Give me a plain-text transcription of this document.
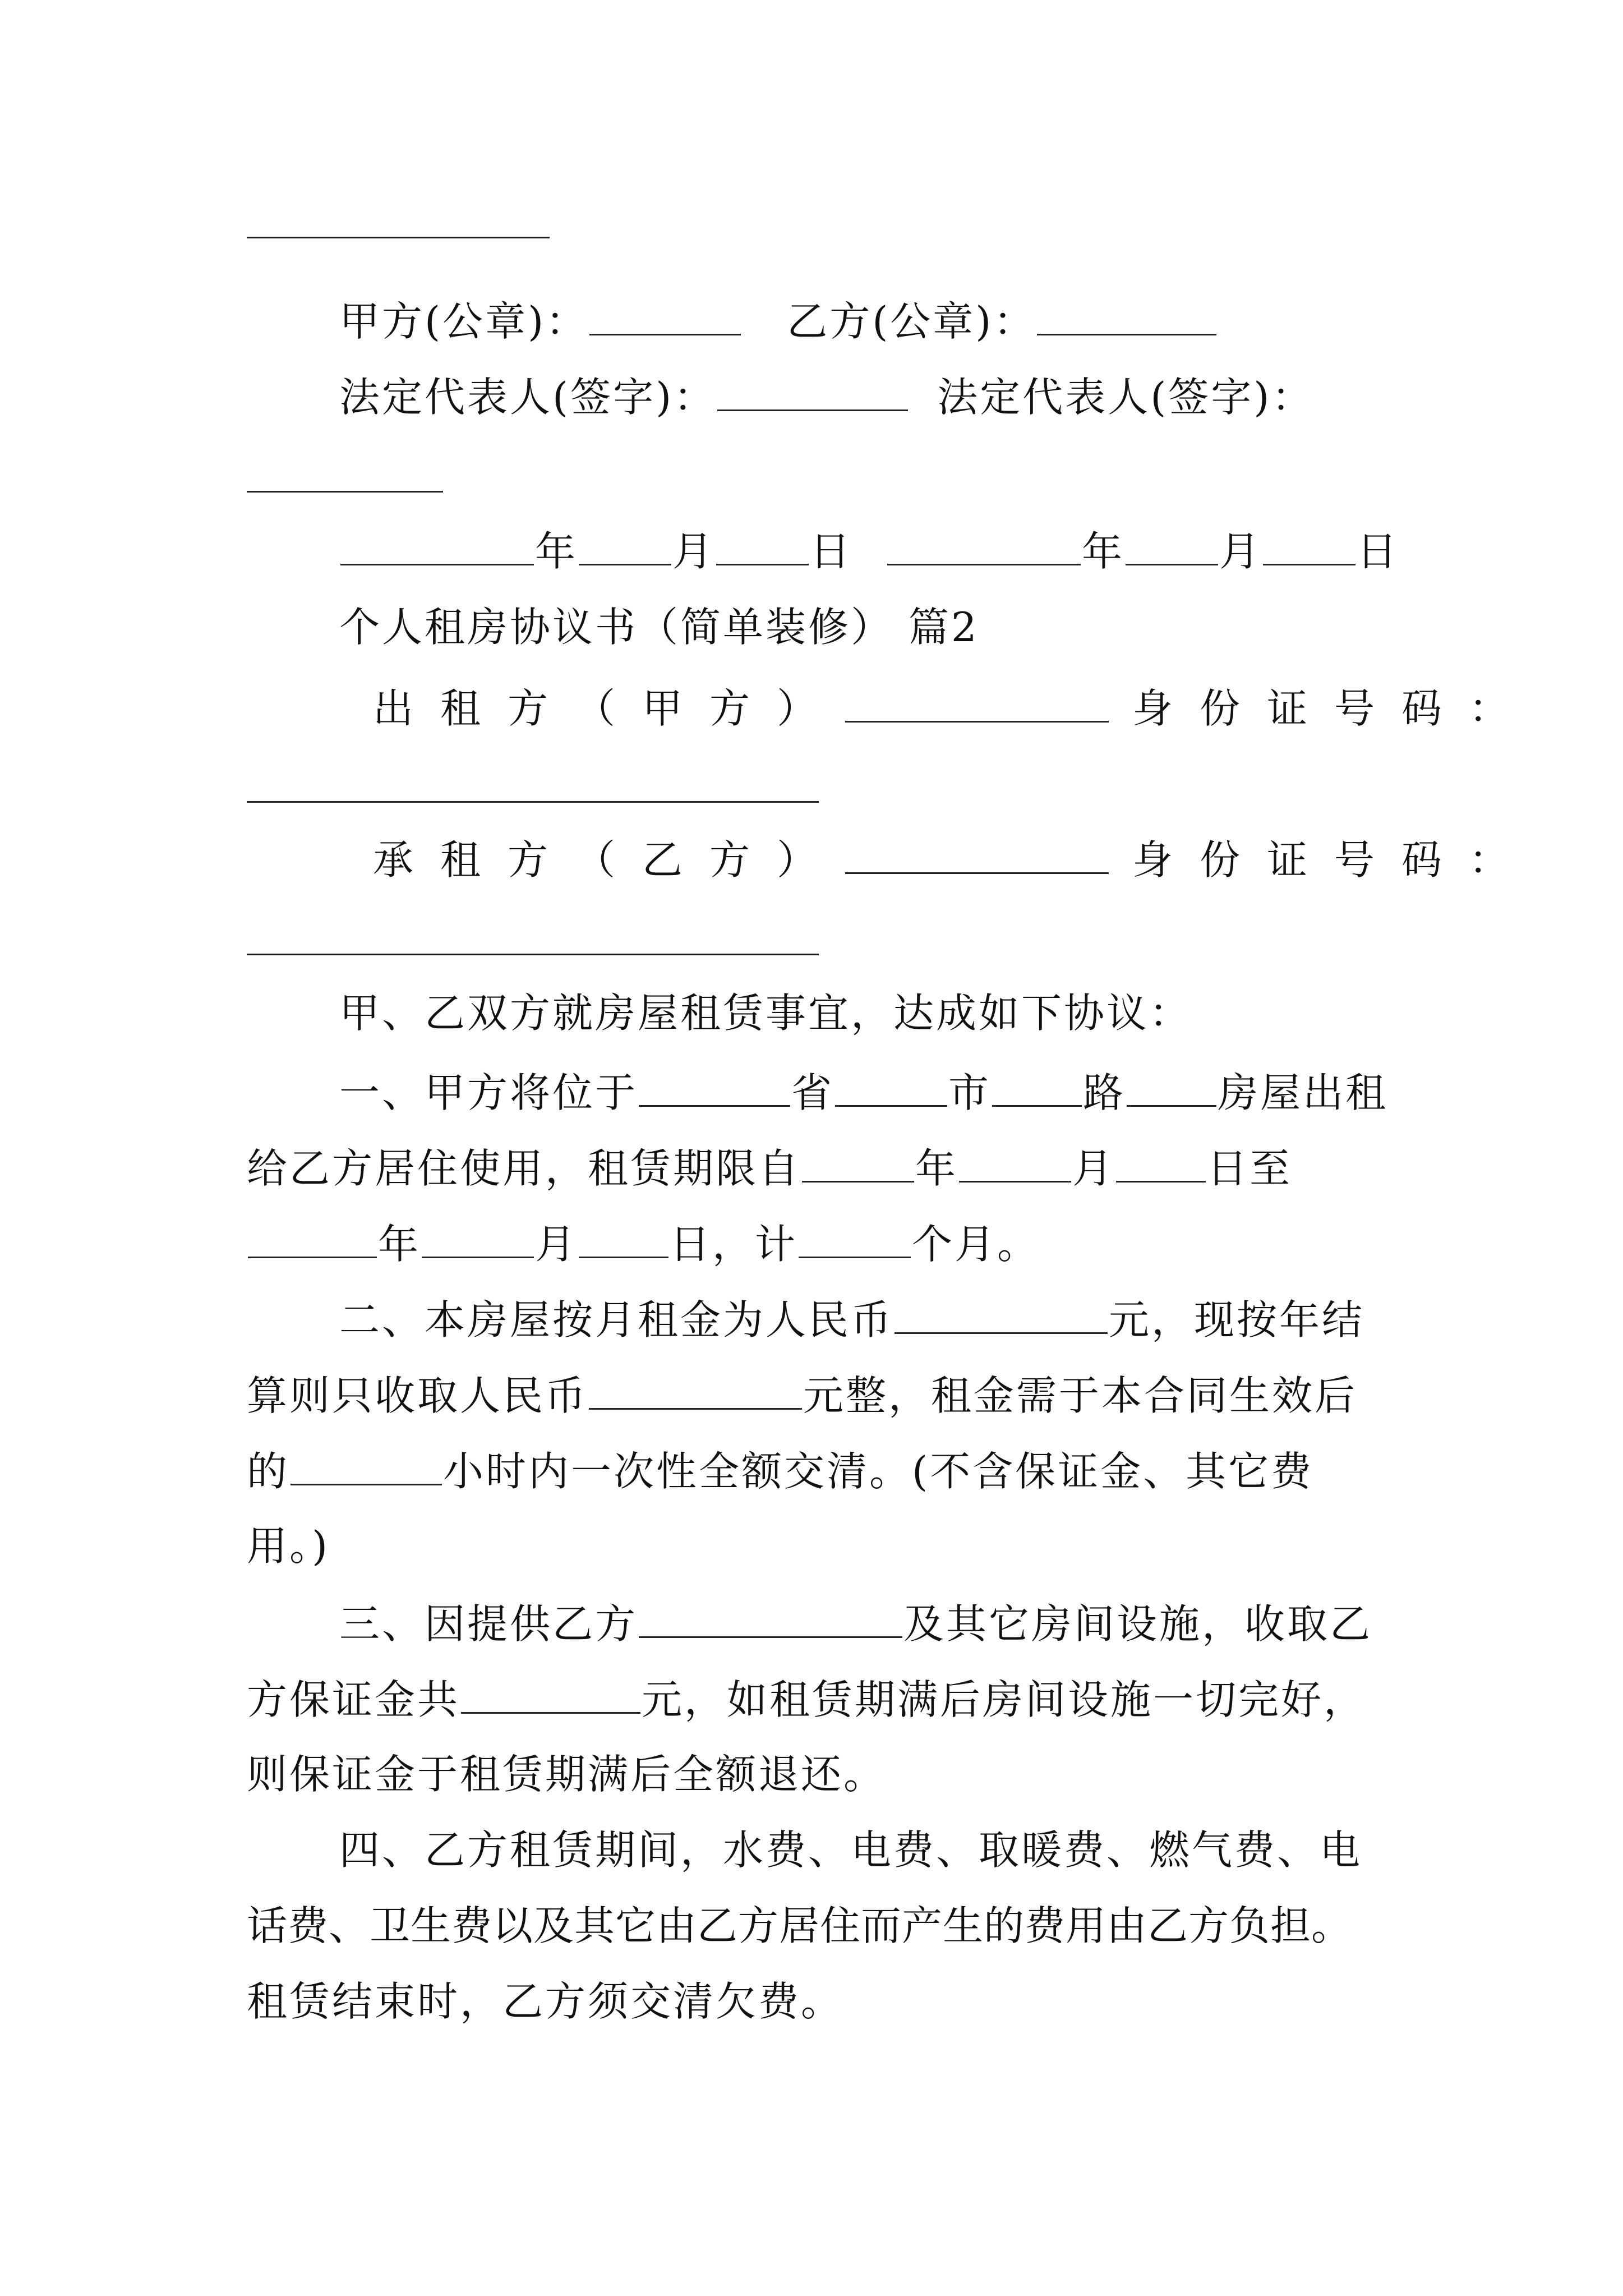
甲方(公章)：	乙方(公章)：
法定代表人(签字)：	法定代表人(签字)：
年 月 日	年 月 日
个人租房协议书（简单装修） 篇2
出租方（甲方）	身份证号码：
承租方（乙方）	身份证号码：
甲、乙双方就房屋租赁事宜，达成如下协议：
一、甲方将位于	省	市 路 房屋出租
给乙方居住使用，租赁期限自	年	月 日至
年	月 日，计	个月。
二、本房屋按月租金为人民币	元，现按年结
算则只收取人民币	元整，租金需于本合同生效后
的	小时内一次性全额交清。(不含保证金、其它费
用。)
三、因提供乙方	及其它房间设施，收取乙
方保证金共	元，如租赁期满后房间设施一切完好，
则保证金于租赁期满后全额退还。
四、乙方租赁期间，水费、电费、取暖费、燃气费、电
话费、卫生费以及其它由乙方居住而产生的费用由乙方负担。
租赁结束时，乙方须交清欠费。
